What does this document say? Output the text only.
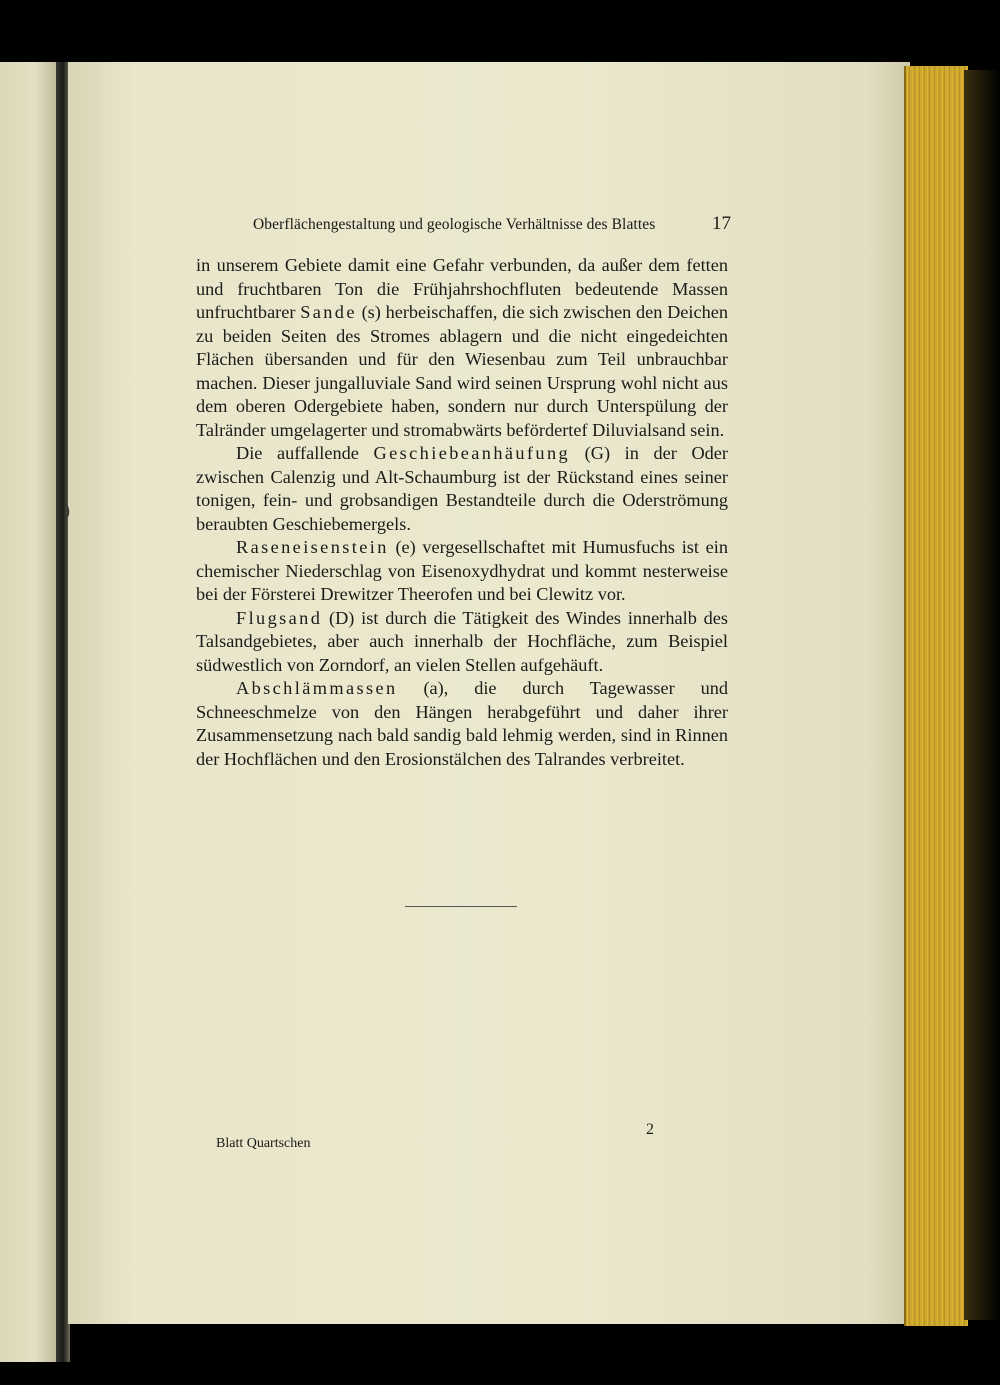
)
Oberflächengestaltung und geologische Verhältnisse des Blattes	17

in unserem Gebiete damit eine Gefahr verbunden, da außer dem fetten und fruchtbaren Ton die Frühjahrshochfluten bedeutende Massen unfruchtbarer Sande (s) herbeischaffen, die sich zwischen den Deichen zu beiden Seiten des Stromes ablagern und die nicht eingedeichten Flächen übersanden und für den Wiesenbau zum Teil unbrauchbar machen. Dieser jungalluviale Sand wird seinen Ursprung wohl nicht aus dem oberen Odergebiete haben, sondern nur durch Unterspülung der Talränder umgelagerter und stromabwärts befördertef Diluvialsand sein.

Die auffallende Geschiebeanhäufung (G) in der Oder zwischen Calenzig und Alt-Schaumburg ist der Rückstand eines seiner tonigen, fein- und grobsandigen Bestandteile durch die Oderströmung beraubten Geschiebemergels.

Raseneisenstein (e) vergesellschaftet mit Humusfuchs ist ein chemischer Niederschlag von Eisenoxydhydrat und kommt nesterweise bei der Försterei Drewitzer Theerofen und bei Clewitz vor.

Flugsand (D) ist durch die Tätigkeit des Windes innerhalb des Talsandgebietes, aber auch innerhalb der Hochfläche, zum Beispiel südwestlich von Zorndorf, an vielen Stellen aufgehäuft.

Abschlämmassen (a), die durch Tagewasser und Schneeschmelze von den Hängen herabgeführt und daher ihrer Zusammensetzung nach bald sandig bald lehmig werden, sind in Rinnen der Hochflächen und den Erosionstälchen des Talrandes verbreitet.

Blatt Quartschen
2
